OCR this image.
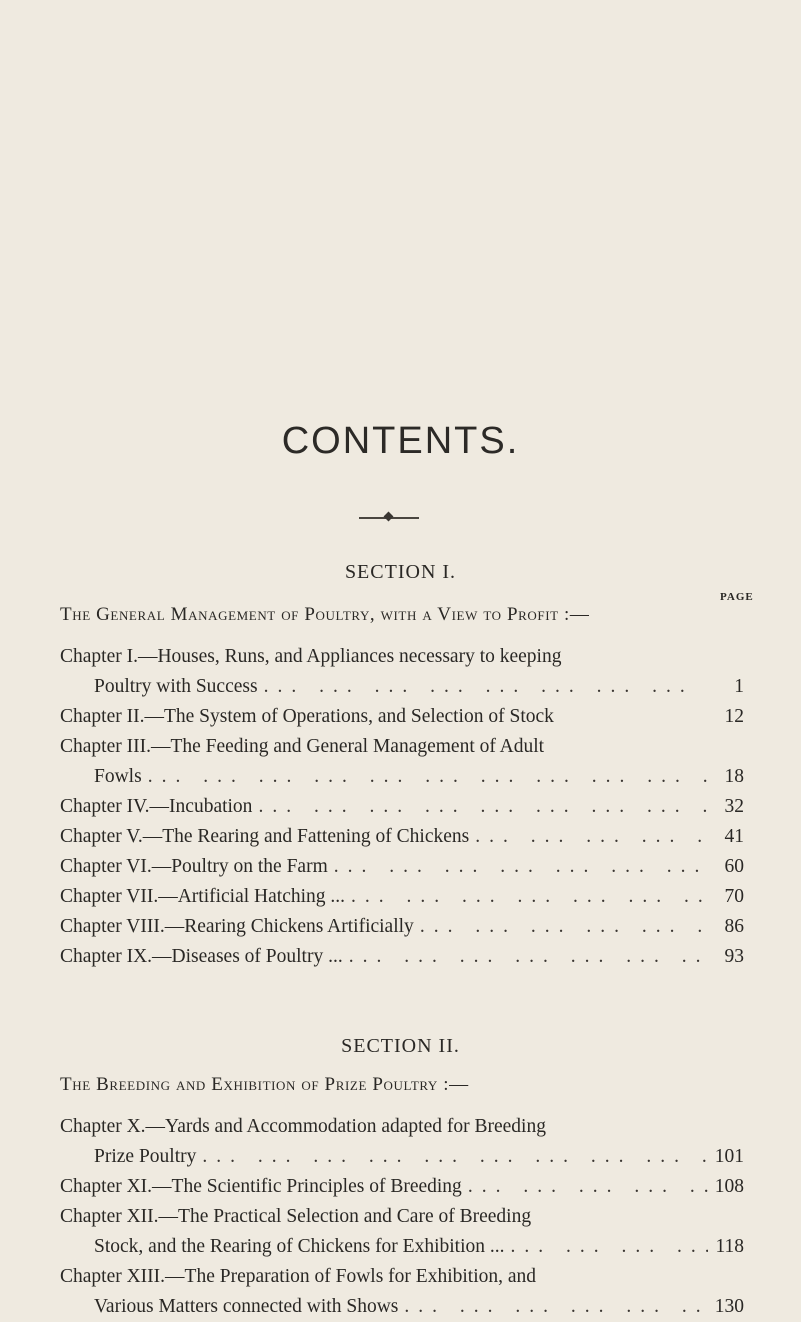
CONTENTS.
SECTION I.
PAGE
The General Management of Poultry, with a View to Profit :—
Chapter I.—Houses, Runs, and Appliances necessary to keeping
Poultry with Success ... .	1
Chapter II.—The System of Operations, and Selection of Stock	12
Chapter III.—The Feeding and General Management of Adult
Fowls ... .	18
Chapter IV.—Incubation ... .	32
Chapter V.—The Rearing and Fattening of Chickens ... .	41
Chapter VI.—Poultry on the Farm ... .	60
Chapter VII.—Artificial Hatching ... ... .	70
Chapter VIII.—Rearing Chickens Artificially ... .	86
Chapter IX.—Diseases of Poultry ... ... .	93
SECTION II.
The Breeding and Exhibition of Prize Poultry :—
Chapter X.—Yards and Accommodation adapted for Breeding
Prize Poultry ... .	101
Chapter XI.—The Scientific Principles of Breeding ... .	108
Chapter XII.—The Practical Selection and Care of Breeding
Stock, and the Rearing of Chickens for Exhibition ... ... .	118
Chapter XIII.—The Preparation of Fowls for Exhibition, and
Various Matters connected with Shows ... .	130
